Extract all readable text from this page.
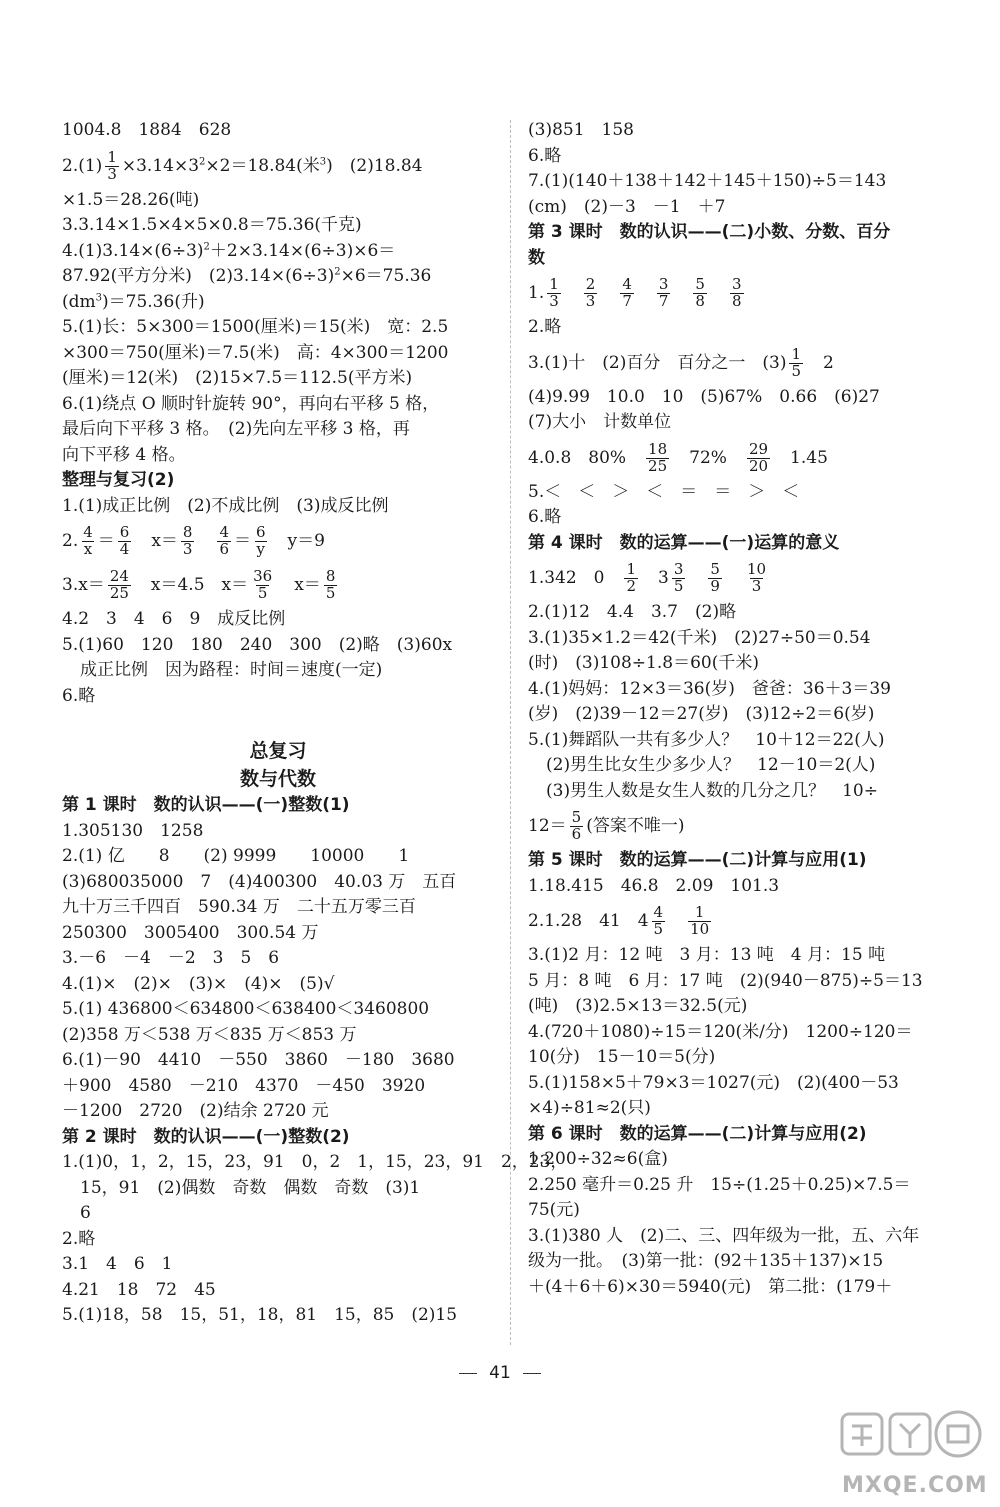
1004.8　1884　628
$2.(1) \frac{1}{3} \times 3.14\times 3^2\times 2=18.84$(米$^3$)　(2)18.84
×1.5＝28.26(吨)
3.3.14×1.5×4×5×0.8＝75.36(千克)
$4.(1)3.14\times(6\div 3)^2+2\times 3.14\times(6\div 3)\times 6=$
87.92(平方分米)　$(2)3.14\times(6\div 3)^2\times 6=75.36$
$(dm^3)=75.36$(升)
5.(1)长：5×300＝1500(厘米)＝15(米)　宽：2.5
×300＝750(厘米)＝7.5(米)　高：4×300＝1200
(厘米)＝12(米)　(2)15×7.5＝112.5(平方米)
6.(1)绕点 O 顺时针旋转 90°，再向右平移 5 格，
最后向下平移 3 格。　(2)先向左平移 3 格，再
向下平移 4 格。
整理与复习(2)
1.(1)成正比例　(2)不成比例　(3)成反比例
2. $\frac{4}{x} = \frac{6}{4}$ 　$x= \frac{8}{3}$
　 $\frac{4}{6} = \frac{6}{y}$ 　y＝9
$3.x= \frac{24}{25}$ 　x＝4.5　$x= \frac{36}{5}$ 　$x= \frac{8}{5}$
4.2　3　4　6　9　成反比例
5.(1)60　120　180　240　300　(2)略　(3)60x
成正比例　因为路程：时间＝速度(一定)
6.略
总复习
数与代数
第 1 课时　数的认识——(一)整数(1)
1.305130　1258
2.(1) 亿　　8　　(2) 9999　　10000　　1
(3)680035000　7　(4)400300　40.03 万　五百
九十万三千四百　590.34 万　二十五万零三百
250300　3005400　300.54 万
3.－6　－4　－2　3　5　6
4.(1)×　(2)×　(3)×　(4)×　(5)√
5.(1) 436800＜634800＜638400＜3460800
(2)358 万＜538 万＜835 万＜853 万
6.(1)－90　4410　－550　3860　－180　3680
＋900　4580　－210　4370　－450　3920
－1200　2720　(2)结余 2720 元
第 2 课时　数的认识——(一)整数(2)
1.(1)0，1，2，15，23，91　0，2　1，15，23，91　2，23，
15，91　(2)偶数　奇数　偶数　奇数　(3)1
6
2.略
3.1　4　6　1
4.21　18　72　45
5.(1)18，58　15，51，18，81　15，85　(2)15
(3)851　158
6.略
7.(1)(140＋138＋142＋145＋150)÷5＝143
(cm)　(2)－3　－1　＋7
第 3 课时　数的认识——(二)小数、分数、百分
数
1. $\frac{1}{3}$
　 $\frac{2}{3}$
　 $\frac{4}{7}$
　 $\frac{3}{7}$
　 $\frac{5}{8}$
　 $\frac{3}{8}$
2.略
3.(1)十　(2)百分　百分之一　$(3) \frac{1}{5}$ 　2
(4)9.99　10.0　10　(5)67%　0.66　(6)27
(7)大小　计数单位
4.0.8　80%　 $\frac{18}{25}$ 　72%　 $\frac{29}{20}$ 　1.45
5.＜　＜　＞　＜　＝　＝　＞　＜
6.略
第 4 课时　数的运算——(一)运算的意义
1.342　0　 $\frac{1}{2}$ 　$3 \frac{3}{5}$
　 $\frac{5}{9}$
　 $\frac{10}{3}$
2.(1)12　4.4　3.7　(2)略
3.(1)35×1.2＝42(千米)　(2)27÷50＝0.54
(时)　(3)108÷1.8＝60(千米)
4.(1)妈妈：12×3＝36(岁)　爸爸：36＋3＝39
(岁)　(2)39－12＝27(岁)　(3)12÷2＝6(岁)
5.(1)舞蹈队一共有多少人？　10＋12＝22(人)
(2)男生比女生少多少人？　12－10＝2(人)
(3)男生人数是女生人数的几分之几？　10÷
$12= \frac{5}{6}$ (答案不唯一)
第 5 课时　数的运算——(二)计算与应用(1)
1.18.415　46.8　2.09　101.3
2.1.28　41　$4 \frac{4}{5}$
　 $\frac{1}{10}$
3.(1)2 月：12 吨　3 月：13 吨　4 月：15 吨
5 月：8 吨　6 月：17 吨　(2)(940－875)÷5＝13
(吨)　(3)2.5×13＝32.5(元)
4.(720＋1080)÷15＝120(米/分)　1200÷120＝
10(分)　15－10＝5(分)
5.(1)158×5＋79×3＝1027(元)　(2)(400－53
×4)÷81≈2(只)
第 6 课时　数的运算——(二)计算与应用(2)
1.200÷32≈6(盒)
2.250 毫升＝0.25 升　15÷(1.25＋0.25)×7.5＝
75(元)
3.(1)380 人　(2)二、三、四年级为一批，五、六年
级为一批。　(3)第一批：(92＋135＋137)×15
＋(4＋6＋6)×30＝5940(元)　第二批：(179＋
41
MXQE.COM
